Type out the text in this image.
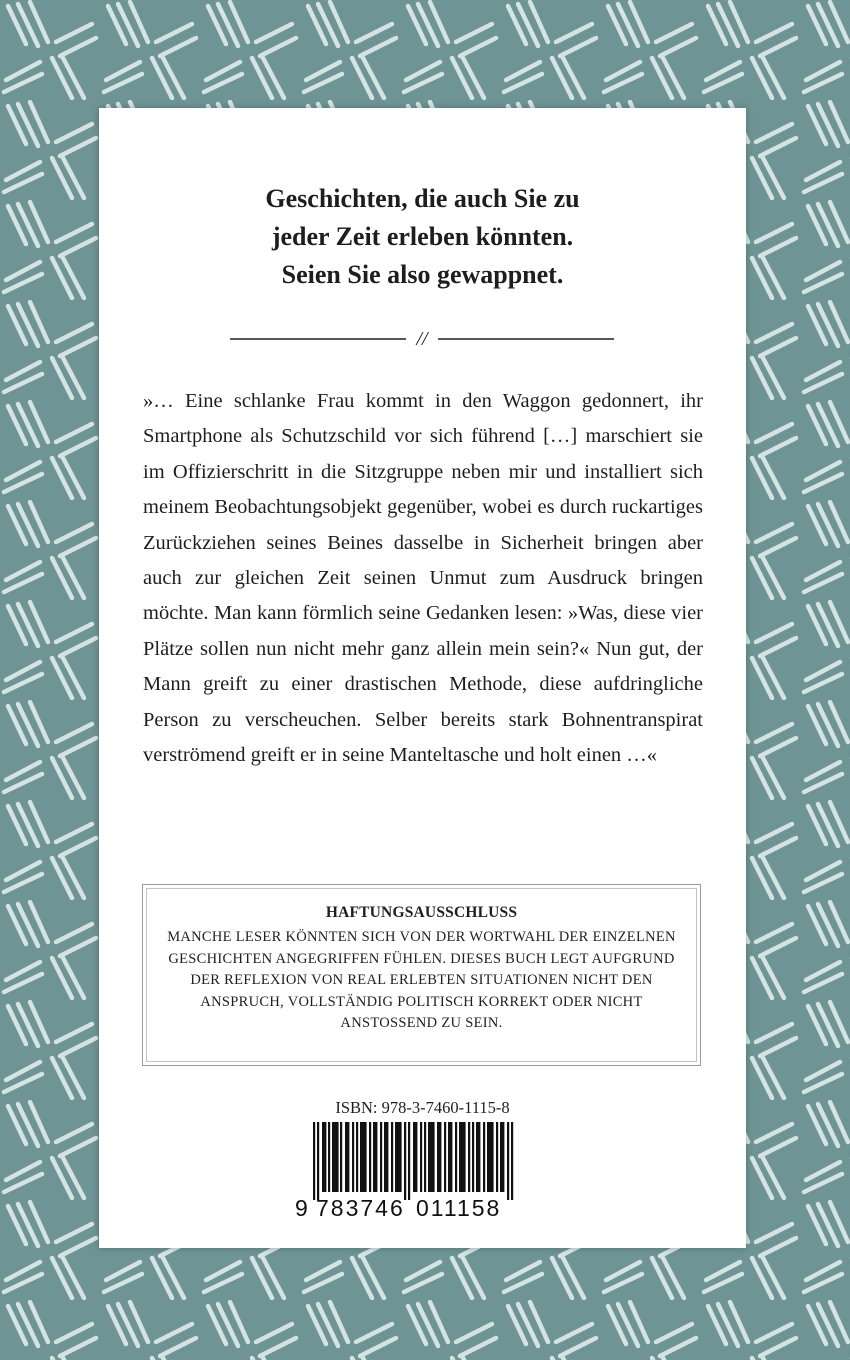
Geschichten, die auch Sie zu
jeder Zeit erleben könnten.
Seien Sie also gewappnet.
//

»… Eine schlanke Frau kommt in den Waggon gedonnert, ihr Smartphone als Schutzschild vor sich führend […] marschiert sie im Offizierschritt in die Sitzgruppe neben mir und installiert sich meinem Beobachtungsobjekt gegenüber, wobei es durch ruckartiges Zurückziehen seines Beines dasselbe in Sicherheit bringen aber auch zur gleichen Zeit seinen Unmut zum Ausdruck bringen möchte. Man kann förmlich seine Gedanken lesen: »Was, diese vier Plätze sollen nun nicht mehr ganz allein mein sein?« Nun gut, der Mann greift zu einer drastischen Methode, diese aufdringliche Person zu verscheuchen. Selber bereits stark Bohnentranspirat verströmend greift er in seine Manteltasche und holt einen …«

HAFTUNGSAUSSCHLUSS
MANCHE LESER KÖNNTEN SICH VON DER WORTWAHL DER EINZELNEN GESCHICHTEN ANGEGRIFFEN FÜHLEN. DIESES BUCH LEGT AUFGRUND DER REFLEXION VON REAL ERLEBTEN SITUATIONEN NICHT DEN ANSPRUCH, VOLLSTÄNDIG POLITISCH KORREKT ODER NICHT ANSTOSSEND ZU SEIN.
ISBN: 978-3-7460-1115-8
9 783746 011158
